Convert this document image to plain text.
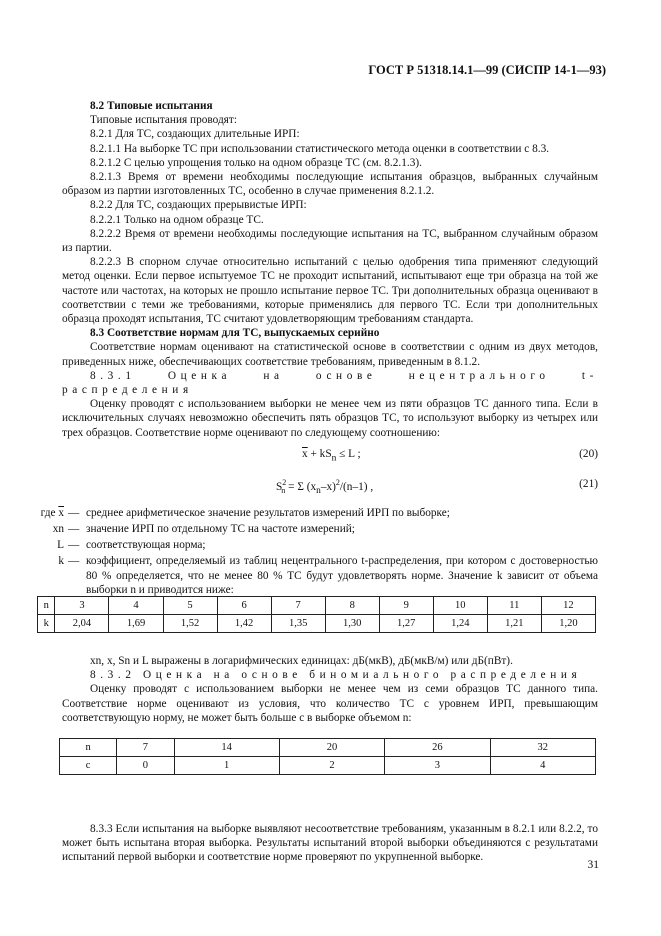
ГОСТ Р 51318.14.1—99 (СИСПР 14-1—93)

8.2 Типовые испытания

Типовые испытания проводят:

8.2.1 Для ТС, создающих длительные ИРП:

8.2.1.1 На выборке ТС при использовании статистического метода оценки в соответствии с 8.3.

8.2.1.2 С целью упрощения только на одном образце ТС (см. 8.2.1.3).

8.2.1.3 Время от времени необходимы последующие испытания образцов, выбранных случайным образом из партии изготовленных ТС, особенно в случае применения 8.2.1.2.

8.2.2 Для ТС, создающих прерывистые ИРП:

8.2.2.1 Только на одном образце ТС.

8.2.2.2 Время от времени необходимы последующие испытания на ТС, выбранном случайным образом из партии.

8.2.2.3 В спорном случае относительно испытаний с целью одобрения типа применяют следующий метод оценки. Если первое испытуемое ТС не проходит испытаний, испытывают еще три образца на той же частоте или частотах, на которых не прошло испытание первое ТС. Три дополнительных образца оценивают в соответствии с теми же требованиями, которые применялись для первого ТС. Если три дополнительных образца проходят испытания, ТС считают удовлетворяющим требованиям стандарта.

8.3 Соответствие нормам для ТС, выпускаемых серийно

Соответствие нормам оценивают на статистической основе в соответствии с одним из двух методов, приведенных ниже, обеспечивающих соответствие требованиям, приведенным в 8.1.2.

8.3.1 Оценка на основе нецентрального t-распределения

Оценку проводят с использованием выборки не менее чем из пяти образцов ТС данного типа. Если в исключительных случаях невозможно обеспечить пять образцов ТС, то используют выборку из четырех или трех образцов. Соответствие норме оценивают по следующему соотношению:

$\overline{x} + kS_n \le L$ ;	(20)
$S^2_n = \Sigma$ $(x_n-x)^2/(n-1)$ ,	(21)
где $\overline{x}$ — среднее арифметическое значение результатов измерений ИРП по выборке;
xn — значение ИРП по отдельному ТС на частоте измерений;
L — соответствующая норма;
k — коэффициент, определяемый из таблиц нецентрального t-распределения, при котором с достоверностью 80 % определяется, что не менее 80 % ТС будут удовлетворять норме. Значение k зависит от объема выборки n и приводится ниже:
n	3	4	5	6	7	8	9	10	11	12
k	2,04	1,69	1,52	1,42	1,35	1,30	1,27	1,24	1,21	1,20

xn, x, Sn и L выражены в логарифмических единицах: дБ(мкВ), дБ(мкВ/м) или дБ(пВт).

8.3.2 Оценка на основе биномиального распределения

Оценку проводят с использованием выборки не менее чем из семи образцов ТС данного типа. Соответствие норме оценивают из условия, что количество ТС с уровнем ИРП, превышающим соответствующую норму, не может быть больше с в выборке объемом n:

n	7	14	20	26	32
c	0	1	2	3	4

8.3.3 Если испытания на выборке выявляют несоответствие требованиям, указанным в 8.2.1 или 8.2.2, то может быть испытана вторая выборка. Результаты испытаний второй выборки объединяются с результатами испытаний первой выборки и соответствие норме проверяют по укрупненной выборке.

31
